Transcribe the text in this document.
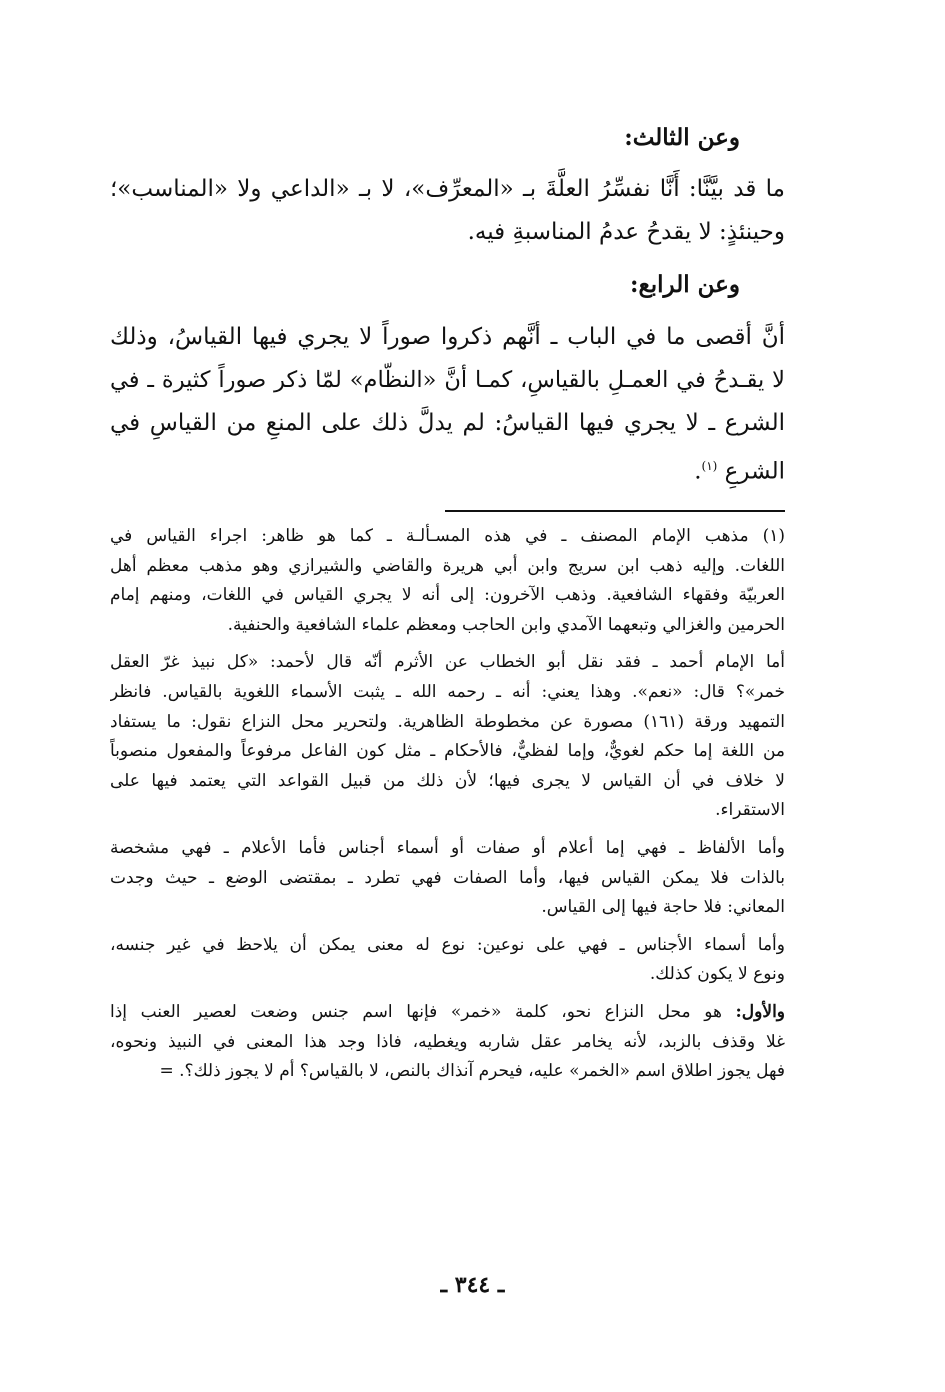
وعن الثالث:
ما قد بيَّنَّا: أَنَّا نفسِّرُ العلَّةَ بـ «المعرِّف»، لا بـ «الداعي ولا «المناسب»؛
وحينئذٍ: لا يقدحُ عدمُ المناسبةِ فيه.
وعن الرابع:
أنَّ أقصى ما في الباب ـ أنَّهم ذكروا صوراً لا يجري فيها القياسُ، وذلك
لا يقـدحُ في العمـلِ بالقياسِ، كمـا أنَّ «النظّام» لمّا ذكر صوراً كثيرة ـ في
الشرع ـ لا يجري فيها القياسُ: لم يدلَّ ذلك على المنعِ من القياسِ في
الشرعِ $^{(١)}$.
(١) مذهب الإمام المصنف ـ في هذه المسـألـة ـ كما هو ظاهر: اجراء القياس في
اللغات. وإليه ذهب ابن سريج وابن أبي هريرة والقاضي والشيرازي وهو مذهب معظم أهل
العربيّة وفقهاء الشافعية. وذهب الآخرون: إلى أنه لا يجري القياس في اللغات، ومنهم إمام
الحرمين والغزالي وتبعهما الآمدي وابن الحاجب ومعظم علماء الشافعية والحنفية.
أما الإمام أحمد ـ فقد نقل أبو الخطاب عن الأثرم أنّه قال لأحمد: «كل نبيذ غرّ العقل
خمر»؟ قال: «نعم». وهذا يعني: أنه ـ رحمه الله ـ يثبت الأسماء اللغوية بالقياس. فانظر
التمهيد ورقة (١٦١) مصورة عن مخطوطة الظاهرية. ولتحرير محل النزاع نقول: ما يستفاد
من اللغة إما حكم لغويٌّ، وإما لفظيٌّ، فالأحكام ـ مثل كون الفاعل مرفوعاً والمفعول منصوباً
لا خلاف في أن القياس لا يجرى فيها؛ لأن ذلك من قبيل القواعد التي يعتمد فيها على
الاستقراء.
وأما الألفاظ ـ فهي إما أعلام أو صفات أو أسماء أجناس فأما الأعلام ـ فهي مشخصة
بالذات فلا يمكن القياس فيها، وأما الصفات فهي تطرد ـ بمقتضى الوضع ـ حيث وجدت
المعاني: فلا حاجة فيها إلى القياس.
وأما أسماء الأجناس ـ فهي على نوعين: نوع له معنى يمكن أن يلاحظ في غير جنسه،
ونوع لا يكون كذلك.
والأول: هو محل النزاع نحو، كلمة «خمر» فإنها اسم جنس وضعت لعصير العنب إذا
غلا وقذف بالزبد، لأنه يخامر عقل شاربه ويغطيه، فاذا وجد هذا المعنى في النبيذ ونحوه،
فهل يجوز اطلاق اسم «الخمر» عليه، فيحرم آنذاك بالنص، لا بالقياس؟ أم لا يجوز ذلك؟. =
ـ ٣٤٤ ـ
